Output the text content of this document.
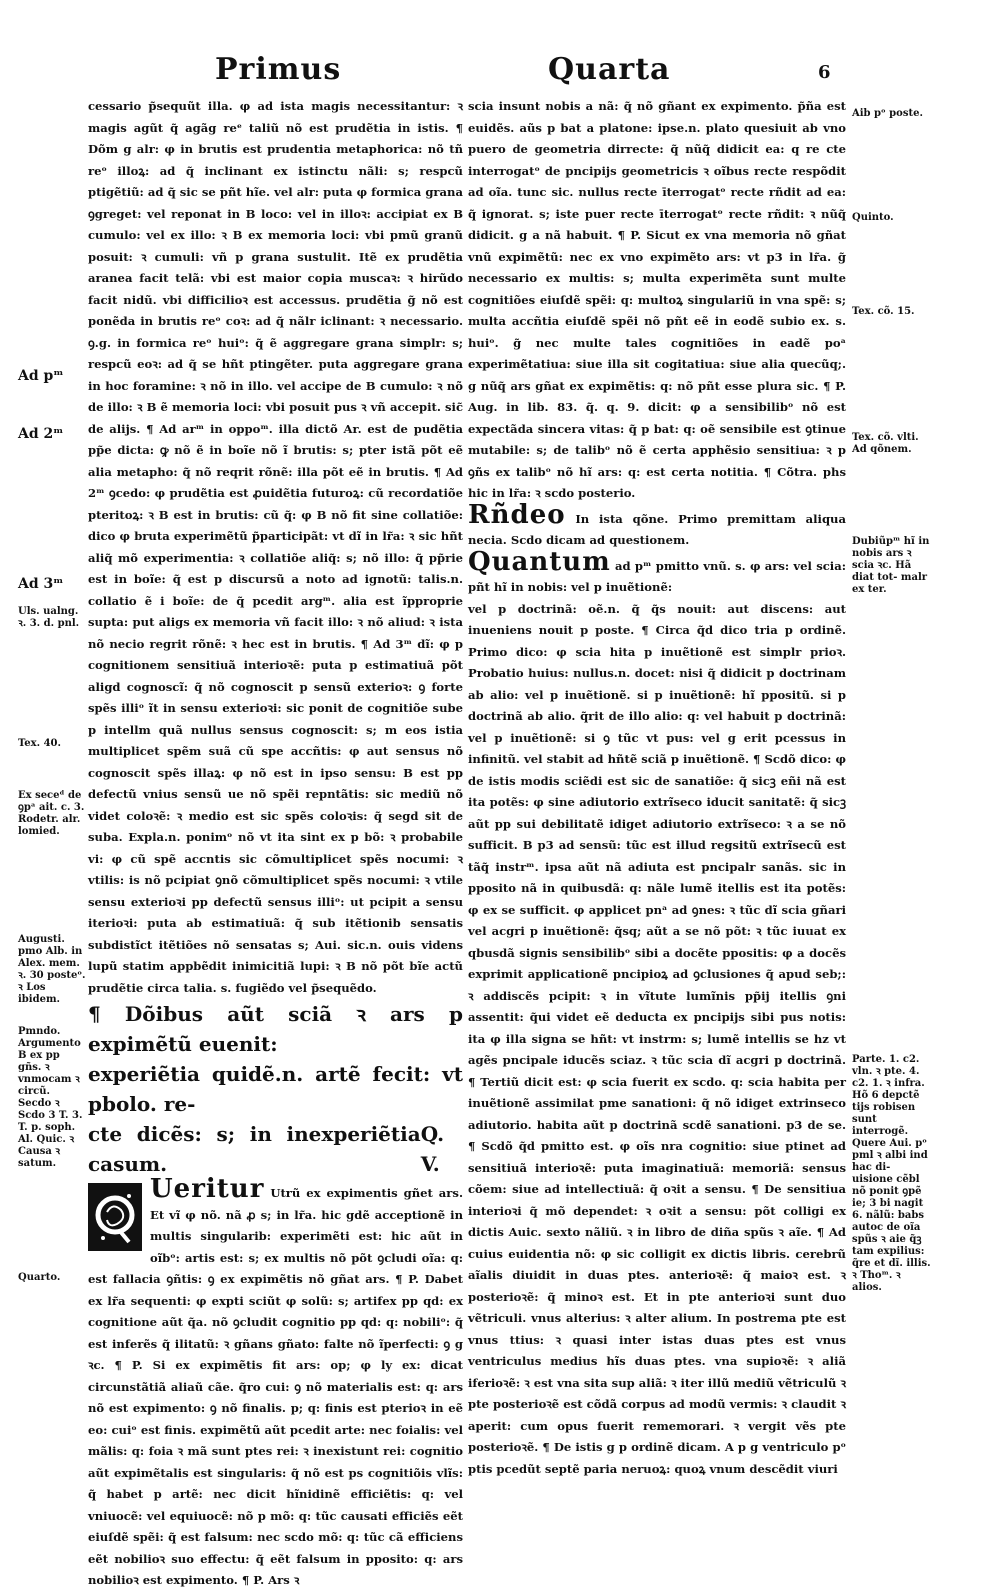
Primus	Quarta	6

cessario p̃sequũt illa. φ ad ista magis necessitantur: ꝛ magis agũt q̃ agãg reᵉ taliũ nõ est prudẽtia in istis. ¶ Dõm g alr: φ in brutis est prudentia metaphorica: nõ tñ reᵒ illoꝝ: ad q̃ inclinant ex istinctu nãli: s; respcũ ptigẽtiũ: ad q̃ sic se pñt hĩe. vel alr: puta φ formica grana ꝯgreget: vel reponat in B loco: vel in illoꝛ: accipiat ex B cumulo: vel ex illo: ꝛ B ex memoria loci: vbi pmũ granũ posuit: ꝛ cumuli: vñ p grana sustulit. Itẽ ex prudẽtia aranea facit telã: vbi est maior copia muscaꝛ: ꝛ hirũdo facit nidũ. vbi difficilioꝛ est accessus. prudẽtia g̃ nõ est ponẽda in brutis reᵒ coꝛ: ad q̃ nãlr iclinant: ꝛ necessario. ꝯ.g. in formica reᵒ huiᵒ: q̃ ẽ aggregare grana simplr: s; respcũ eoꝛ: ad q̃ se hñt ptingẽter. puta aggregare grana in hoc foramine: ꝛ nõ in illo. vel accipe de B cumulo: ꝛ nõ de illo: ꝛ B ẽ memoria loci: vbi posuit pus ꝛ vñ accepit. sic̃ de alijs. ¶ Ad arᵐ in oppoᵐ. illa dictõ Ar. est de pudẽtia pp̃e dicta: ꝙ nõ ẽ in boĩe nõ ĩ brutis: s; pter istã põt eẽ alia metapho: q̃ nõ reqrit rõnẽ: illa põt eẽ in brutis. ¶ Ad 2ᵐ ꝯcedo: φ prudẽtia est ꝓuidẽtia futuroꝝ: cũ recordatiõe pteritoꝝ: ꝛ B est in brutis: cũ q̃: φ B nõ fit sine collatiõe: dico φ bruta experimẽtũ p̃participãt: vt dĩ in lr̃a: ꝛ sic hñt aliq̃ mõ experimentia: ꝛ collatiõe aliq̃: s; nõ illo: q̃ pp̃rie est in boĩe: q̃ est p discursũ a noto ad ignotũ: talis.n. collatio ẽ i boĩe: de q̃ pcedit argᵐ. alia est ĩpproprie supta: put aligs ex memoria vñ facit illo: ꝛ nõ aliud: ꝛ ista nõ necio regrit rõnẽ: ꝛ hec est in brutis. ¶ Ad 3ᵐ dĩ: φ p cognitionem sensitiuã interioꝛẽ: puta p estimatiuã põt aligd cognoscĩ: q̃ nõ cognoscit p sensũ exterioꝛ: ꝯ forte spẽs illiᵒ ĩt in sensu exterioꝛi: sic ponit de cognitiõe sube p intellm quã nullus sensus cognoscit: s; m eos istia multiplicet spẽm suã cũ spe accñtis: φ aut sensus nõ cognoscit spẽs illaꝝ: φ nõ est in ipso sensu: B est pp defectũ vnius sensũ ue nõ spẽi repntãtis: sic mediũ nõ videt coloꝛẽ: ꝛ medio est sic spẽs coloꝛis: q̃ segd sit de suba. Expla.n. ponimᵒ nõ vt ita sint ex p bõ: ꝛ probabile vi: φ cũ spẽ accntis sic cõmultiplicet spẽs nocumi: ꝛ vtilis: is nõ pcipiat ꝯnõ cõmultiplicet spẽs nocumi: ꝛ vtile sensu exterioꝛi pp defectũ sensus illiᵒ: ut pcipit a sensu iterioꝛi: puta ab estimatiuã: q̃ sub itẽtionib sensatis subdistĩct itẽtiões nõ sensatas s; Aui. sic.n. ouis videns lupũ statim appbẽdit inimicitiã lupi: ꝛ B nõ põt bĩe actũ prudẽtie circa talia. s. fugiẽdo vel p̃sequẽdo.

¶ Dõibus aũt sciã ꝛ ars p expimẽtũ euenit:
experiẽtia quidẽ.n. artẽ fecit: vt pbolo. re-
cte dicẽs: s; in inexperiẽtia casum.
Q. V.
Ueritur Utrũ ex expimentis gñet ars. Et vĩ φ nõ. nã ꝓ s; in lr̃a. hic gdẽ acceptionẽ in multis singularib: experimẽti est: hic aũt in oĩbᵒ: artis est: s; ex multis nõ põt ꝯcludi oĩa: q: est fallacia ꝯñtis: ꝯ ex expimẽtis nõ gñat ars. ¶ P. Dabet ex lr̃a sequenti: φ expti sciũt φ solũ: s; artifex pp qd: ex cognitione aũt q̃a. nõ ꝯcludit cognitio pp qd: q: nobiliᵒ: q̃ est inferẽs q̃ ilitatũ: ꝛ gñans gñato: falte nõ ĩperfecti: ꝯ g ꝛc. ¶ P. Si ex expimẽtis fit ars: op; φ ly ex: dicat circunstãtiã aliaũ cãe. q̃ro cui: ꝯ nõ materialis est: q: ars nõ est expimento: ꝯ nõ finalis. p; q: finis est pterioꝛ in eẽ eo: cuiᵒ est finis. expimẽtũ aũt pcedit arte: nec foialis: vel mãlis: q: foia ꝛ mã sunt ptes rei: ꝛ inexistunt rei: cognitio aũt expimẽtalis est singularis: q̃ nõ est ps cognitiõis vlĩs: q̃ habet p artẽ: nec dicit hĩnidinẽ efficiẽtis: q: vel vniuocẽ: vel equiuocẽ: nõ p mõ: q: tũc causati efficiẽs eẽt eiuſdẽ spẽi: q̃ est falsum: nec scdo mõ: q: tũc cã efficiens eẽt nobilioꝛ suo effectu: q̃ eẽt falsum in pposito: q: ars nobilioꝛ est expimento. ¶ P. Ars ꝛ

scia insunt nobis a nã: q̃ nõ gñant ex expimento. p̃ña est euidẽs. aũs p bat a platone: ipse.n. plato quesiuit ab vno puero de geometria dirrecte: q̃ nũq̃ didicit ea: q re cte interrogatᵒ de pncipijs geometricis ꝛ oĩbus recte respõdit ad oĩa. tunc sic. nullus recte īterrogatᵒ recte rñdit ad ea: q̃ ignorat. s; iste puer recte īterrogatᵒ recte rñdit: ꝛ nũq̃ didicit. g a nã habuit. ¶ P. Sicut ex vna memoria nõ gñat vnũ expimẽtũ: nec ex vno expimẽto ars: vt p3 in lr̃a. g̃ necessario ex multis: s; multa experimẽta sunt multe cognitiões eiuſdẽ spẽi: q: multoꝝ singulariũ in vna spẽ: s; multa accñtia eiuſdẽ spẽi nõ pñt eẽ in eodẽ subio ex. s. huiᵒ. g̃ nec multe tales cognitiões in eadẽ poᵃ experimẽtatiua: siue illa sit cogitatiua: siue alia quecũq;. g nũq̃ ars gñat ex expimẽtis: q: nõ pñt esse plura sic. ¶ P. Aug. in lib. 83. q̃. q. 9. dicit: φ a sensibilibᵒ nõ est expectãda sincera vitas: q̃ p bat: q: oẽ sensibile est ꝯtinue mutabile: s; de talibᵒ nõ ẽ certa apphẽsio sensitiua: ꝛ p ꝯñs ex talibᵒ nõ hĩ ars: q: est certa notitia. ¶ Cõtra. phs hic in lr̃a: ꝛ scdo posterio.

Rñdeo In ista qõne. Primo premittam aliqua necia. Scdo dicam ad questionem.

Quantum ad pᵐ pmitto vnũ. s. φ ars: vel scia: pñt hĩ in nobis: vel p inuẽtionẽ:

vel p doctrinã: oẽ.n. q̃ q̃s nouit: aut discens: aut inueniens nouit p poste. ¶ Circa q̃d dico tria p ordinẽ. Primo dico: φ scia hita p inuẽtionẽ est simplr prioꝛ. Probatio huius: nullus.n. docet: nisi q̃ didicit p doctrinam ab alio: vel p inuẽtionẽ. si p inuẽtionẽ: hĩ ppositũ. si p doctrinã ab alio. q̃rit de illo alio: q: vel habuit p doctrinã: vel p inuẽtionẽ: si ꝯ tũc vt pus: vel g erit pcessus in infinitũ. vel stabit ad hñtẽ sciã p inuẽtionẽ. ¶ Scdõ dico: φ de istis modis sciẽdi est sic de sanatiõe: q̃ sicꝫ eñi nã est ita potẽs: φ sine adiutorio extrĩseco iducit sanitatẽ: q̃ sicꝫ aũt pp sui debilitatẽ idiget adiutorio extrĩseco: ꝛ a se nõ sufficit. B p3 ad sensũ: tũc est illud regsitũ extrĩsecũ est tãq̃ instrᵐ. ipsa aũt nã adiuta est pncipalr sanãs. sic in pposito nã in quibusdã: q: nãle lumẽ itellis est ita potẽs: φ ex se sufficit. φ applicet pnᵃ ad ꝯnes: ꝛ tũc dĩ scia gñari vel acgri p inuẽtionẽ: q̃sq; aũt a se nõ põt: ꝛ tũc iuuat ex qbusdã signis sensibilibᵒ sibi a docẽte ppositis: φ a docẽs exprimit applicationẽ pncipioꝝ ad ꝯclusiones q̃ apud seb;: ꝛ addiscẽs pcipit: ꝛ in vĩtute lumĩnis pp̃ij itellis ꝯni assentit: q̃ui videt eẽ deducta ex pncipijs sibi pus notis: ita φ illa signa se hñt: vt instrm: s; lumẽ intellis se hz vt agẽs pncipale iducẽs sciaz. ꝛ tũc scia dĩ acgri p doctrinã. ¶ Tertiũ dicit est: φ scia fuerit ex scdo. q: scia habita per inuẽtionẽ assimilat pme sanationi: q̃ nõ idiget extrinseco adiutorio. habita aũt p doctrinã scdẽ sanationi. p3 de se. ¶ Scdõ q̃d pmitto est. φ oĩs nra cognitio: siue ptinet ad sensitiuã interioꝛẽ: puta imaginatiuã: memoriã: sensus cõem: siue ad intellectiuã: q̃ oꝛit a sensu. ¶ De sensitiua interioꝛi q̃ mõ dependet: ꝛ oꝛit a sensu: põt colligi ex dictis Auic. sexto nãliũ. ꝛ in libro de diña spũs ꝛ aĩe. ¶ Ad cuius euidentia nõ: φ sic colligit ex dictis libris. cerebrũ aĩalis diuidit in duas ptes. anterioꝛẽ: q̃ maioꝛ est. ꝛ posterioꝛẽ: q̃ minoꝛ est. Et in pte anterioꝛi sunt duo vẽtriculi. vnus alterius: ꝛ alter alium. In postrema pte est vnus ttius: ꝛ quasi inter istas duas ptes est vnus ventriculus medius hĩs duas ptes. vna supioꝛẽ: ꝛ aliã iferioꝛẽ: ꝛ est vna sita sup aliã: ꝛ iter illũ mediũ vẽtriculũ ꝛ pte posterioꝛẽ est cõdã corpus ad modũ vermis: ꝛ claudit ꝛ aperit: cum opus fuerit rememorari. ꝛ vergit vẽs pte posterioꝛẽ. ¶ De istis g p ordinẽ dicam. A p g ventriculo pᵒ ptis pcedũt septẽ paria neruoꝝ: quoꝝ vnum descẽdit viuri

Ad pᵐ
Ad 2ᵐ
Ad 3ᵐ
Uls. ualng. ꝛ. 3. d. pnl.
Tex. 40.
Ex seceᵈ de ꝯpᵃ ait. c. 3. Rodetr. alr. lomied.
Augusti. pmo Alb. in Alex. mem. ꝛ. 30 posteᵒ. ꝛ Los ibidem.
Pmndo. Argumento B ex pp gñs. ꝛ vnmocam ꝛ circũ. Secdo ꝛ Scdo 3 T. 3. T. p. soph. Al. Quic. ꝛ Causa ꝛ satum.
Quarto.
Aib pᵒ poste.
Quinto.
Tex. cõ. 15.
Tex. cõ. vlti. Ad qõnem.
Dubiũpᵐ hĩ in nobis ars ꝛ scia ꝛc. Hã diat tot- malr ex ter.
Parte. 1. c2. vln. ꝛ pte. 4. c2. 1. ꝛ infra. Hõ 6 depctẽ tijs robisen sunt interrogẽ. Quere Aui. pᵒ pml ꝛ albi ind hac di- uisione cẽbl nõ ponit ꝯpẽ ie; 3 bi nagit 6. nãlũ: babs autoc de oĩa spũs ꝛ aie q̃ꝫ tam expilius: q̃re et dĩ. illis. ꝛ Thoᵐ. ꝛ alios.
